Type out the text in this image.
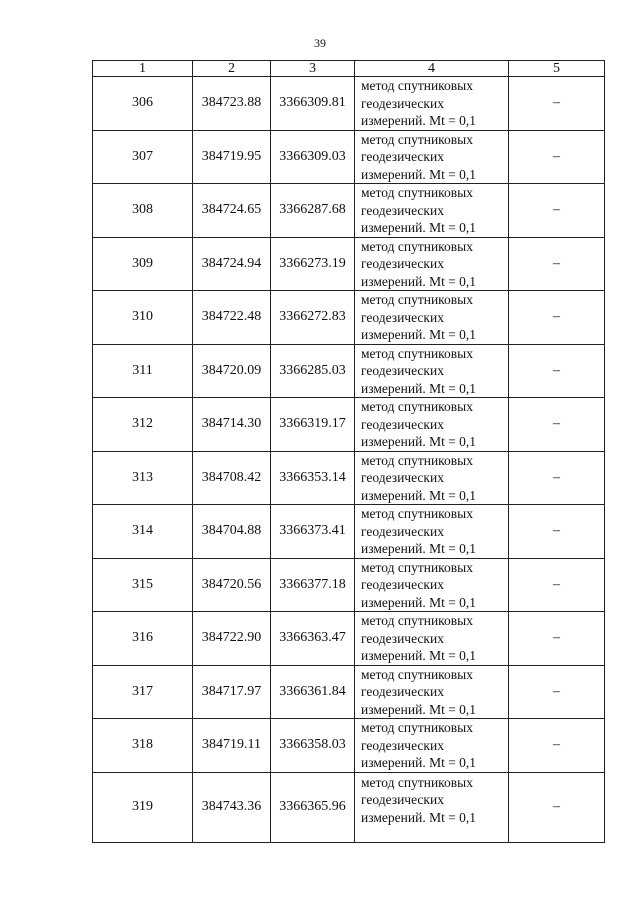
39
1	2	3	4	5
306	384723.88	3366309.81	метод спутниковых
геодезических
измерений. Mt = 0,1	–
307	384719.95	3366309.03	метод спутниковых
геодезических
измерений. Mt = 0,1	–
308	384724.65	3366287.68	метод спутниковых
геодезических
измерений. Mt = 0,1	–
309	384724.94	3366273.19	метод спутниковых
геодезических
измерений. Mt = 0,1	–
310	384722.48	3366272.83	метод спутниковых
геодезических
измерений. Mt = 0,1	–
311	384720.09	3366285.03	метод спутниковых
геодезических
измерений. Mt = 0,1	–
312	384714.30	3366319.17	метод спутниковых
геодезических
измерений. Mt = 0,1	–
313	384708.42	3366353.14	метод спутниковых
геодезических
измерений. Mt = 0,1	–
314	384704.88	3366373.41	метод спутниковых
геодезических
измерений. Mt = 0,1	–
315	384720.56	3366377.18	метод спутниковых
геодезических
измерений. Mt = 0,1	–
316	384722.90	3366363.47	метод спутниковых
геодезических
измерений. Mt = 0,1	–
317	384717.97	3366361.84	метод спутниковых
геодезических
измерений. Mt = 0,1	–
318	384719.11	3366358.03	метод спутниковых
геодезических
измерений. Mt = 0,1	–
319	384743.36	3366365.96	метод спутниковых
геодезических
измерений. Mt = 0,1	–
